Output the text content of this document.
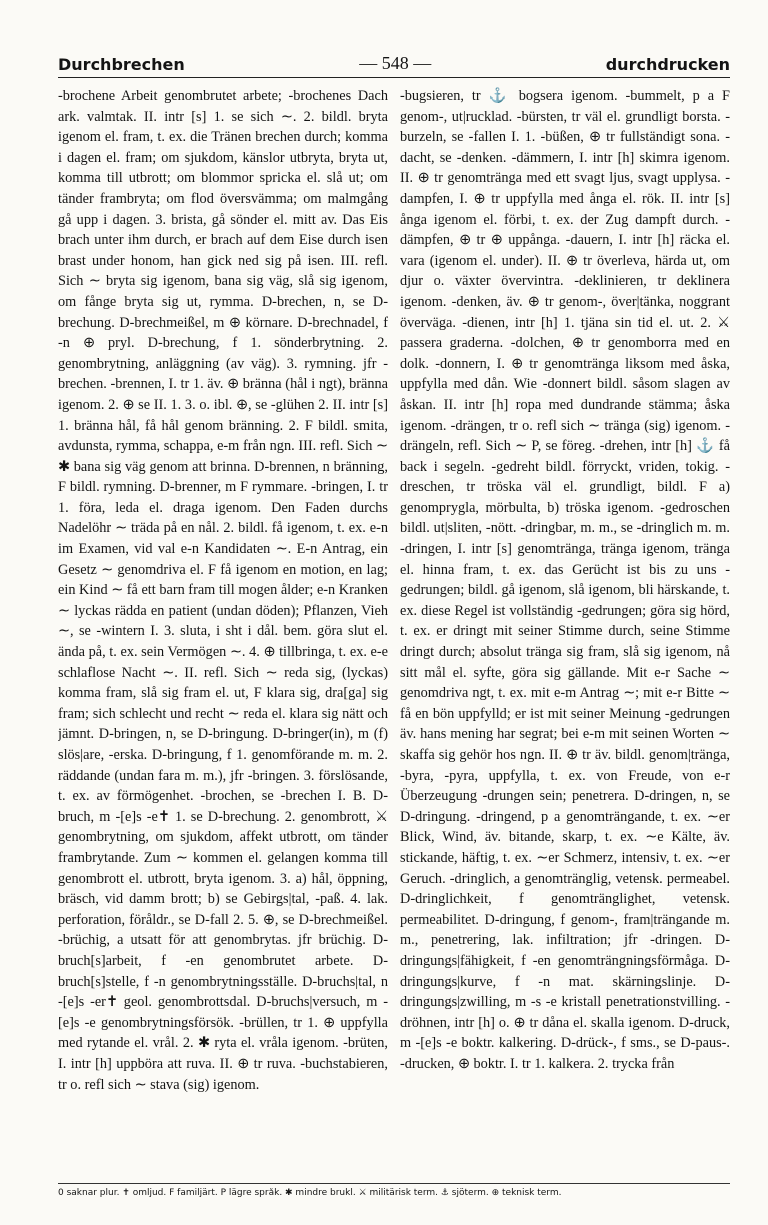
Durchbrechen	— 548 —	durchdrucken

-brochene Arbeit genombrutet arbete; -brochenes Dach ark. valmtak. II. intr [s] 1. se sich ∼. 2. bildl. bryta igenom el. fram, t. ex. die Tränen brechen durch; komma i dagen el. fram; om sjukdom, känslor utbryta, bryta ut, komma till utbrott; om blommor spricka el. slå ut; om tänder frambryta; om flod översvämma; om malmgång gå upp i dagen. 3. brista, gå sönder el. mitt av. Das Eis brach unter ihm durch, er brach auf dem Eise durch isen brast under honom, han gick ned sig på isen. III. refl. Sich ∼ bryta sig igenom, bana sig väg, slå sig igenom, om fånge bryta sig ut, rymma. D-brechen, n, se D-brechung. D-brechmeißel, m ⊕ körnare. D-brechnadel, f -n ⊕ pryl. D-brechung, f 1. sönderbrytning. 2. genombrytning, anläggning (av väg). 3. rymning. jfr -brechen. -brennen, I. tr 1. äv. ⊕ bränna (hål i ngt), bränna igenom. 2. ⊕ se II. 1. 3. o. ibl. ⊕, se -glühen 2. II. intr [s] 1. bränna hål, få hål genom bränning. 2. F bildl. smita, avdunsta, rymma, schappa, e-m från ngn. III. refl. Sich ∼ ✱ bana sig väg genom att brinna. D-brennen, n bränning, F bildl. rymning. D-brenner, m F rymmare. -bringen, I. tr 1. föra, leda el. draga igenom. Den Faden durchs Nadelöhr ∼ träda på en nål. 2. bildl. få igenom, t. ex. e-n im Examen, vid val e-n Kandidaten ∼. E-n Antrag, ein Gesetz ∼ genomdriva el. F få igenom en motion, en lag; ein Kind ∼ få ett barn fram till mogen ålder; e-n Kranken ∼ lyckas rädda en patient (undan döden); Pflanzen, Vieh ∼, se -wintern I. 3. sluta, i sht i dål. bem. göra slut el. ända på, t. ex. sein Vermögen ∼. 4. ⊕ tillbringa, t. ex. e-e schlaflose Nacht ∼. II. refl. Sich ∼ reda sig, (lyckas) komma fram, slå sig fram el. ut, F klara sig, dra[ga] sig fram; sich schlecht und recht ∼ reda el. klara sig nätt och jämnt. D-bringen, n, se D-bringung. D-bringer(in), m (f) slös|are, -erska. D-bringung, f 1. genomförande m. m. 2. räddande (undan fara m. m.), jfr -bringen. 3. förslösande, t. ex. av förmögenhet. -brochen, se -brechen I. B. D-bruch, m -[e]s -e✝ 1. se D-brechung. 2. genombrott, ⚔ genombrytning, om sjukdom, affekt utbrott, om tänder frambrytande. Zum ∼ kommen el. gelangen komma till genombrott el. utbrott, bryta igenom. 3. a) hål, öppning, bräsch, vid damm brott; b) se Gebirgs|tal, -paß. 4. lak. perforation, föråldr., se D-fall 2. 5. ⊕, se D-brechmeißel. -brüchig, a utsatt för att genombrytas. jfr brüchig. D-bruch[s]arbeit, f -en genombrutet arbete. D-bruch[s]stelle, f -n genombrytningsställe. D-bruchs|tal, n -[e]s -er✝ geol. genombrottsdal. D-bruchs|versuch, m -[e]s -e genombrytningsförsök. -brüllen, tr 1. ⊕ uppfylla med rytande el. vrål. 2. ✱ ryta el. vråla igenom. -brüten, I. intr [h] uppböra att ruva. II. ⊕ tr ruva. -buchstabieren, tr o. refl sich ∼ stava (sig) igenom.

-bugsieren, tr ⚓ bogsera igenom. -bummelt, p a F genom-, ut|rucklad. -bürsten, tr väl el. grundligt borsta. -burzeln, se -fallen I. 1. -büßen, ⊕ tr fullständigt sona. -dacht, se -denken. -dämmern, I. intr [h] skimra igenom. II. ⊕ tr genomtränga med ett svagt ljus, svagt upplysa. -dampfen, I. ⊕ tr uppfylla med ånga el. rök. II. intr [s] ånga igenom el. förbi, t. ex. der Zug dampft durch. -dämpfen, ⊕ tr ⊕ uppånga. -dauern, I. intr [h] räcka el. vara (igenom el. under). II. ⊕ tr överleva, härda ut, om djur o. växter övervintra. -deklinieren, tr deklinera igenom. -denken, äv. ⊕ tr genom-, över|tänka, noggrant överväga. -dienen, intr [h] 1. tjäna sin tid el. ut. 2. ⚔ passera graderna. -dolchen, ⊕ tr genomborra med en dolk. -donnern, I. ⊕ tr genomtränga liksom med åska, uppfylla med dån. Wie -donnert bildl. såsom slagen av åskan. II. intr [h] ropa med dundrande stämma; åska igenom. -drängen, tr o. refl sich ∼ tränga (sig) igenom. -drängeln, refl. Sich ∼ P, se föreg. -drehen, intr [h] ⚓ få back i segeln. -gedreht bildl. förryckt, vriden, tokig. -dreschen, tr tröska väl el. grundligt, bildl. F a) genomprygla, mörbulta, b) tröska igenom. -gedroschen bildl. ut|sliten, -nött. -dringbar, m. m., se -dringlich m. m. -dringen, I. intr [s] genomtränga, tränga igenom, tränga el. hinna fram, t. ex. das Gerücht ist bis zu uns -gedrungen; bildl. gå igenom, slå igenom, bli härskande, t. ex. diese Regel ist vollständig -gedrungen; göra sig hörd, t. ex. er dringt mit seiner Stimme durch, seine Stimme dringt durch; absolut tränga sig fram, slå sig igenom, nå sitt mål el. syfte, göra sig gällande. Mit e-r Sache ∼ genomdriva ngt, t. ex. mit e-m Antrag ∼; mit e-r Bitte ∼ få en bön uppfylld; er ist mit seiner Meinung -gedrungen äv. hans mening har segrat; bei e-m mit seinen Worten ∼ skaffa sig gehör hos ngn. II. ⊕ tr äv. bildl. genom|tränga, -byra, -pyra, uppfylla, t. ex. von Freude, von e-r Überzeugung -drungen sein; penetrera. D-dringen, n, se D-dringung. -dringend, p a genomträngande, t. ex. ∼er Blick, Wind, äv. bitande, skarp, t. ex. ∼e Kälte, äv. stickande, häftig, t. ex. ∼er Schmerz, intensiv, t. ex. ∼er Geruch. -dringlich, a genomtränglig, vetensk. permeabel. D-dringlichkeit, f genomtränglighet, vetensk. permeabilitet. D-dringung, f genom-, fram|trängande m. m., penetrering, lak. infiltration; jfr -dringen. D-dringungs|fähigkeit, f -en genomträngningsförmåga. D-dringungs|kurve, f -n mat. skärningslinje. D-dringungs|zwilling, m -s -e kristall penetrationstvilling. -dröhnen, intr [h] o. ⊕ tr dåna el. skalla igenom. D-druck, m -[e]s -e boktr. kalkering. D-drück-, f sms., se D-paus-. -drucken, ⊕ boktr. I. tr 1. kalkera. 2. trycka från

0 saknar plur. ✝ omljud. F familjärt. P lägre språk. ✱ mindre brukl. ⚔ militärisk term. ⚓ sjöterm. ⊕ teknisk term.
